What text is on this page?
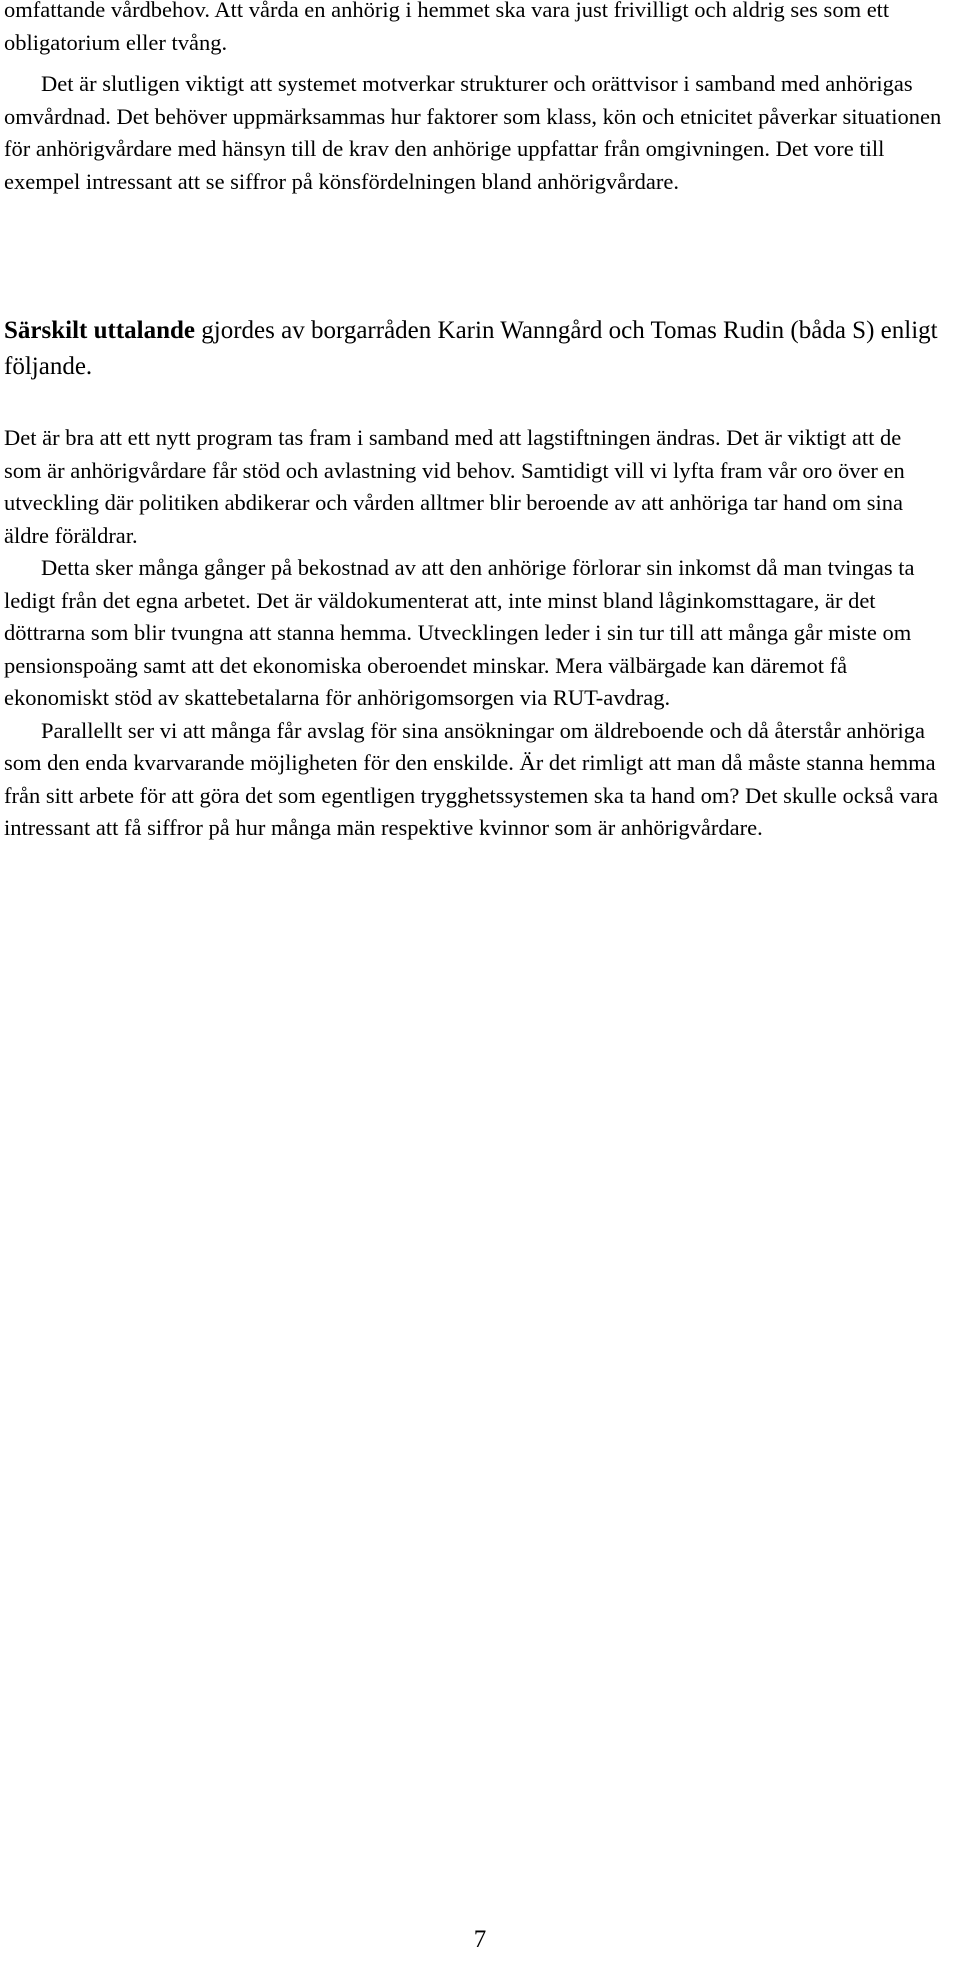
omfattande vårdbehov. Att vårda en anhörig i hemmet ska vara just frivilligt och aldrig ses som ett obligatorium eller tvång.

Det är slutligen viktigt att systemet motverkar strukturer och orättvisor i samband med anhörigas omvårdnad. Det behöver uppmärksammas hur faktorer som klass, kön och etnicitet påverkar situationen för anhörigvårdare med hänsyn till de krav den anhörige uppfattar från omgivningen. Det vore till exempel intressant att se siffror på könsfördelningen bland anhörigvårdare.

Särskilt uttalande gjordes av borgarråden Karin Wanngård och Tomas Rudin (båda S) enligt följande.

Det är bra att ett nytt program tas fram i samband med att lagstiftningen ändras. Det är viktigt att de som är anhörigvårdare får stöd och avlastning vid behov. Samtidigt vill vi lyfta fram vår oro över en utveckling där politiken abdikerar och vården alltmer blir beroende av att anhöriga tar hand om sina äldre föräldrar.

Detta sker många gånger på bekostnad av att den anhörige förlorar sin inkomst då man tvingas ta ledigt från det egna arbetet. Det är väldokumenterat att, inte minst bland låginkomsttagare, är det döttrarna som blir tvungna att stanna hemma. Utvecklingen leder i sin tur till att många går miste om pensionspoäng samt att det ekonomiska oberoendet minskar. Mera välbärgade kan däremot få ekonomiskt stöd av skattebetalarna för anhörigomsorgen via RUT-avdrag.

Parallellt ser vi att många får avslag för sina ansökningar om äldreboende och då återstår anhöriga som den enda kvarvarande möjligheten för den enskilde. Är det rimligt att man då måste stanna hemma från sitt arbete för att göra det som egentligen trygghetssystemen ska ta hand om? Det skulle också vara intressant att få siffror på hur många män respektive kvinnor som är anhörigvårdare.

7
